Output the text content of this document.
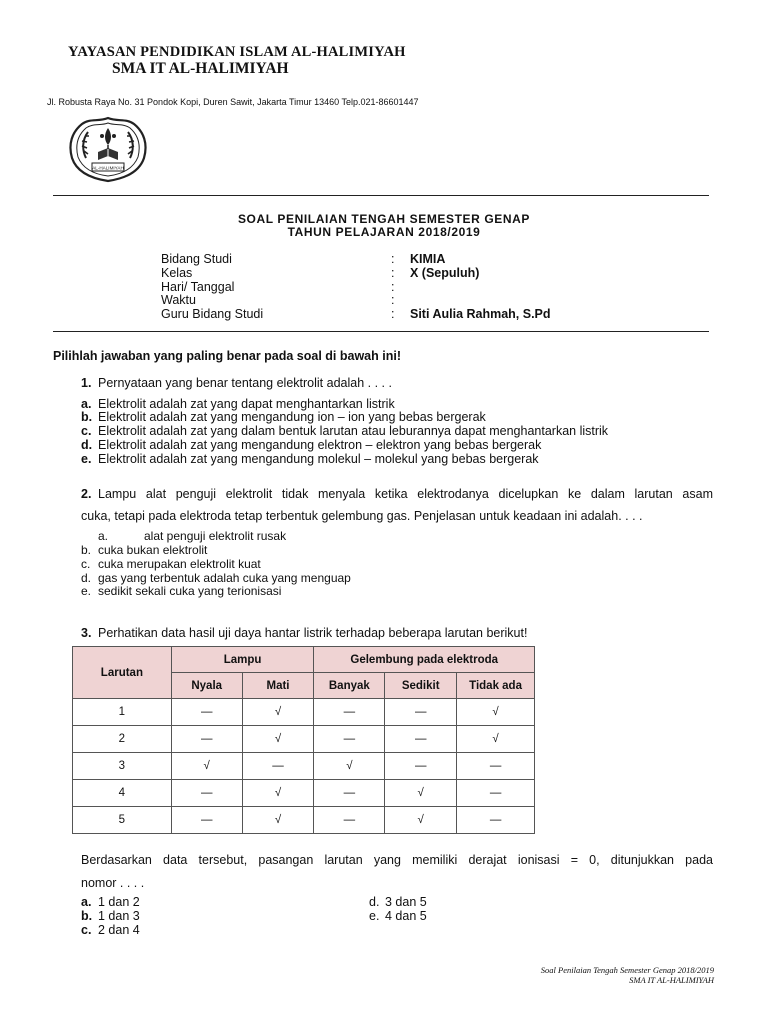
YAYASAN PENDIDIKAN ISLAM AL-HALIMIYAH
SMA IT AL-HALIMIYAH
Jl. Robusta Raya No. 31 Pondok Kopi, Duren Sawit, Jakarta Timur 13460 Telp.021-86601447
AL-HALIMIYAH
SOAL PENILAIAN TENGAH SEMESTER GENAP
TAHUN PELAJARAN 2018/2019
Bidang Studi	: KIMIA
Kelas	: X (Sepuluh)
Hari/ Tanggal	:
Waktu	:
Guru Bidang Studi	: Siti Aulia Rahmah, S.Pd
Pilihlah jawaban yang paling benar pada soal di bawah ini!
1. Pernyataan yang benar tentang elektrolit adalah . . . .
a. Elektrolit adalah zat yang dapat menghantarkan listrik
b. Elektrolit adalah zat yang mengandung ion – ion yang bebas bergerak
c. Elektrolit adalah zat yang dalam bentuk larutan atau leburannya dapat menghantarkan listrik
d. Elektrolit adalah zat yang mengandung elektron – elektron yang bebas bergerak
e. Elektrolit adalah zat yang mengandung molekul – molekul yang bebas bergerak
2. Lampu alat penguji elektrolit tidak menyala ketika elektrodanya dicelupkan ke dalam larutan asam
cuka, tetapi pada elektroda tetap terbentuk gelembung gas. Penjelasan untuk keadaan ini adalah. . . .
a.	alat penguji elektrolit rusak
b. cuka bukan elektrolit
c. cuka merupakan elektrolit kuat
d. gas yang terbentuk adalah cuka yang menguap
e. sedikit sekali cuka yang terionisasi
3. Perhatikan data hasil uji daya hantar listrik terhadap beberapa larutan berikut!
Larutan	Lampu		Gelembung pada elektroda		
	Nyala	Mati	Banyak	Sedikit	Tidak ada
1	—	√	—	—	√
2	—	√	—	—	√
3	√	—	√	—	—
4	—	√	—	√	—
5	—	√	—	√	—
Berdasarkan data tersebut, pasangan larutan yang memiliki derajat ionisasi = 0, ditunjukkan pada
nomor . . . .
a. 1 dan 2
b. 1 dan 3
c. 2 dan 4
d. 3 dan 5
e. 4 dan 5
Soal Penilaian Tengah Semester Genap 2018/2019
SMA IT AL-HALIMIYAH
